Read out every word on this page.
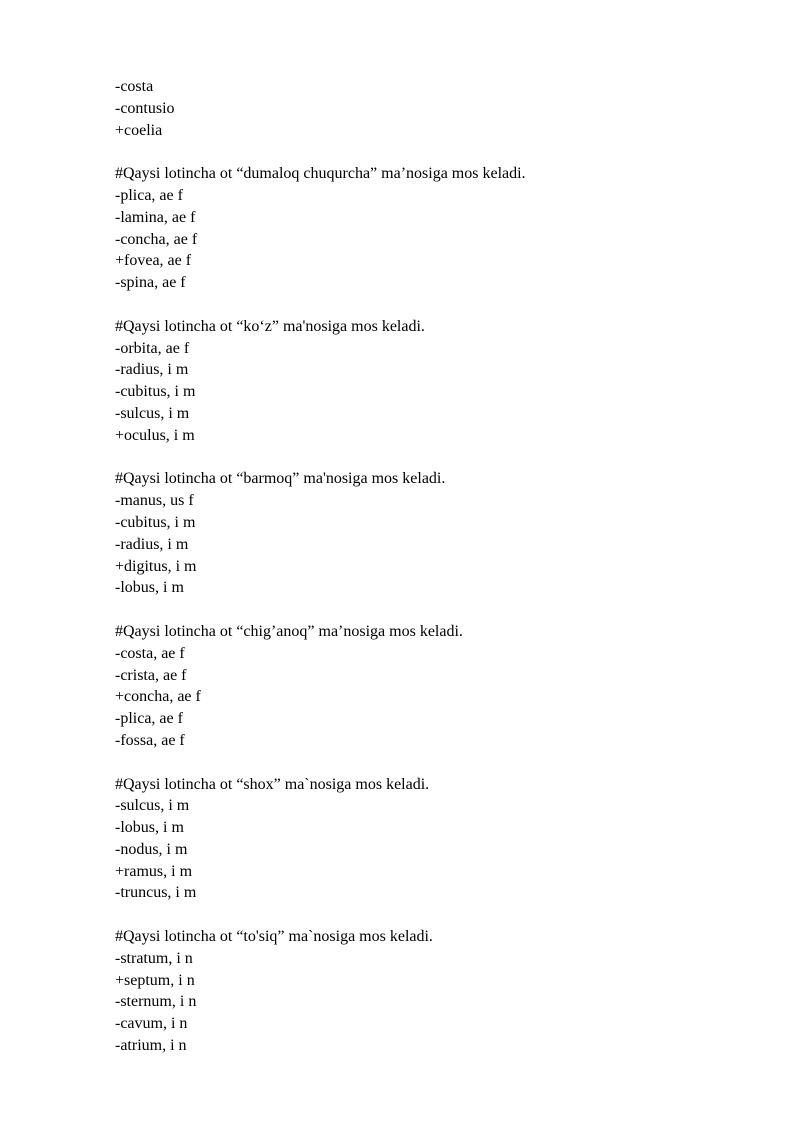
-costa
-contusio
+coelia
#Qaysi lotincha ot “dumaloq chuqurcha” ma’nosiga mos keladi.
-plica, ae f
-lamina, ae f
-concha, ae f
+fovea, ae f
-spina, ae f
#Qaysi lotincha ot “ko‘z” ma'nosiga mos keladi.
-orbita, ae f
-radius, i m
-cubitus, i m
-sulcus, i m
+oculus, i m
#Qaysi lotincha ot “barmoq” ma'nosiga mos keladi.
-manus, us f
-cubitus, i m
-radius, i m
+digitus, i m
-lobus, i m
#Qaysi lotincha ot “chig’anoq” ma’nosiga mos keladi.
-costa, ae f
-crista, ae f
+concha, ae f
-plica, ae f
-fossa, ae f
#Qaysi lotincha ot “shox” ma`nosiga mos keladi.
-sulcus, i m
-lobus, i m
-nodus, i m
+ramus, i m
-truncus, i m
#Qaysi lotincha ot “to'siq” ma`nosiga mos keladi.
-stratum, i n
+septum, i n
-sternum, i n
-cavum, i n
-atrium, i n
